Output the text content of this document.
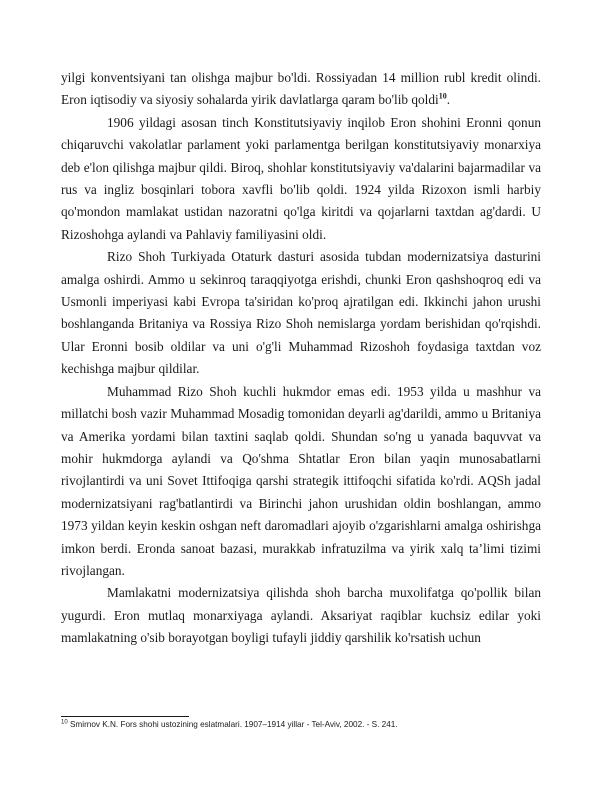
yilgi konventsiyani tan olishga majbur bo'ldi. Rossiyadan 14 million rubl kredit olindi. Eron iqtisodiy va siyosiy sohalarda yirik davlatlarga qaram bo'lib qoldi$^{10}$.

1906 yildagi asosan tinch Konstitutsiyaviy inqilob Eron shohini Eronni qonun chiqaruvchi vakolatlar parlament yoki parlamentga berilgan konstitutsiyaviy monarxiya deb e'lon qilishga majbur qildi. Biroq, shohlar konstitutsiyaviy va'dalarini bajarmadilar va rus va ingliz bosqinlari tobora xavfli bo'lib qoldi. 1924 yilda Rizoxon ismli harbiy qo'mondon mamlakat ustidan nazoratni qo'lga kiritdi va qojarlarni taxtdan ag'dardi. U Rizoshohga aylandi va Pahlaviy familiyasini oldi.

Rizo Shoh Turkiyada Otaturk dasturi asosida tubdan modernizatsiya dasturini amalga oshirdi. Ammo u sekinroq taraqqiyotga erishdi, chunki Eron qashshoqroq edi va Usmonli imperiyasi kabi Evropa ta'siridan ko'proq ajratilgan edi. Ikkinchi jahon urushi boshlanganda Britaniya va Rossiya Rizo Shoh nemislarga yordam berishidan qo'rqishdi. Ular Eronni bosib oldilar va uni o'g'li Muhammad Rizoshoh foydasiga taxtdan voz kechishga majbur qildilar.

Muhammad Rizo Shoh kuchli hukmdor emas edi. 1953 yilda u mashhur va millatchi bosh vazir Muhammad Mosadig tomonidan deyarli ag'darildi, ammo u Britaniya va Amerika yordami bilan taxtini saqlab qoldi. Shundan so'ng u yanada baquvvat va mohir hukmdorga aylandi va Qo'shma Shtatlar Eron bilan yaqin munosabatlarni rivojlantirdi va uni Sovet Ittifoqiga qarshi strategik ittifoqchi sifatida ko'rdi. AQSh jadal modernizatsiyani rag'batlantirdi va Birinchi jahon urushidan oldin boshlangan, ammo 1973 yildan keyin keskin oshgan neft daromadlari ajoyib o'zgarishlarni amalga oshirishga imkon berdi. Eronda sanoat bazasi, murakkab infratuzilma va yirik xalq ta’limi tizimi rivojlangan.

Mamlakatni modernizatsiya qilishda shoh barcha muxolifatga qo'pollik bilan yugurdi. Eron mutlaq monarxiyaga aylandi. Aksariyat raqiblar kuchsiz edilar yoki mamlakatning o'sib borayotgan boyligi tufayli jiddiy qarshilik ko'rsatish uchun

$^{10}$ Smirnov K.N. Fors shohi ustozining eslatmalari. 1907–1914 yillar - Tel-Aviv, 2002. - S. 241.
